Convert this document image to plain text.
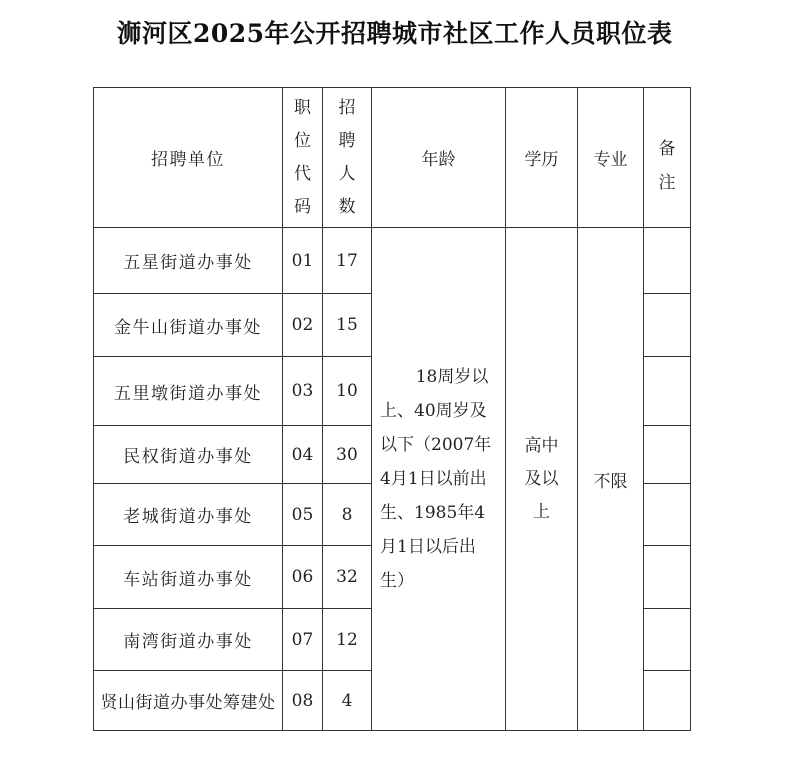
浉河区2025年公开招聘城市社区工作人员职位表
招聘单位	职位代码	招聘人数	年龄	学历	专业	备注
五星街道办事处	01	17	18周岁以上、40周岁及以下（2007年4月1日以前出生、1985年4月1日以后出生）	高中及以上	不限	
金牛山街道办事处	02	15				
五里墩街道办事处	03	10				
民权街道办事处	04	30				
老城街道办事处	05	8				
车站街道办事处	06	32				
南湾街道办事处	07	12				
贤山街道办事处筹建处	08	4				
